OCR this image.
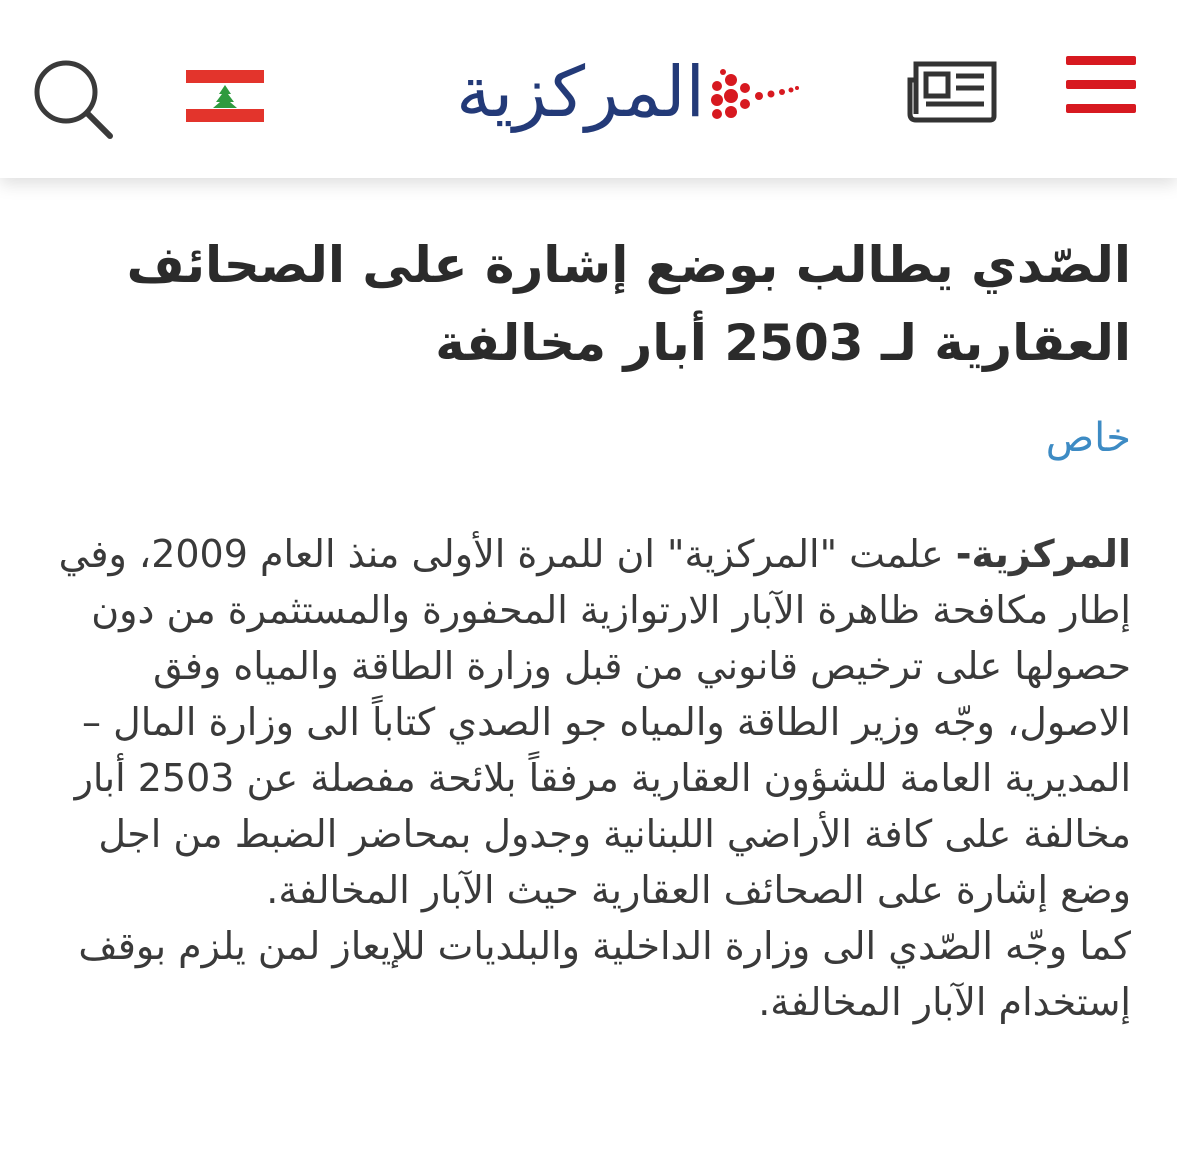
المركزية
الصّدي يطالب بوضع إشارة على الصحائف العقارية لـ 2503 أبار مخالفة
خاص

المركزية- علمت "المركزية" ان للمرة الأولى منذ العام 2009، وفي إطار مكافحة ظاهرة الآبار الارتوازية المحفورة والمستثمرة من دون حصولها على ترخيص قانوني من قبل وزارة الطاقة والمياه وفق الاصول، وجّه وزير الطاقة والمياه جو الصدي كتاباً الى وزارة المال – المديرية العامة للشؤون العقارية مرفقاً بلائحة مفصلة عن 2503 أبار مخالفة على كافة الأراضي اللبنانية وجدول بمحاضر الضبط من اجل وضع إشارة على الصحائف العقارية حيث الآبار المخالفة.

كما وجّه الصّدي الى وزارة الداخلية والبلديات للإيعاز لمن يلزم بوقف إستخدام الآبار المخالفة.
